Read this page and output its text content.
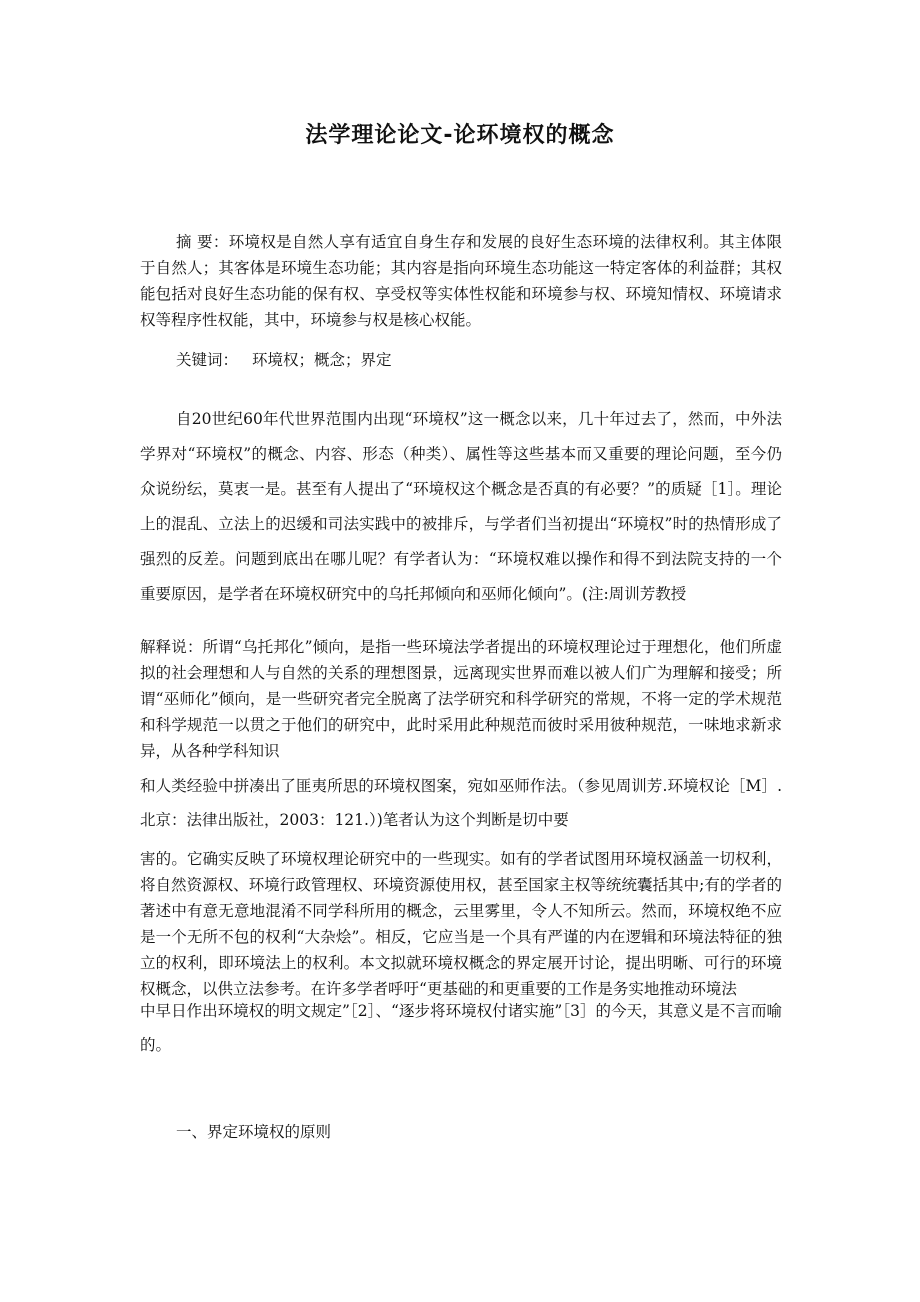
法学理论论文-论环境权的概念
摘 要：环境权是自然人享有适宜自身生存和发展的良好生态环境的法律权利。其主体限于自然人；其客体是环境生态功能；其内容是指向环境生态功能这一特定客体的利益群；其权能包括对良好生态功能的保有权、享受权等实体性权能和环境参与权、环境知情权、环境请求权等程序性权能，其中，环境参与权是核心权能。
关键词： 环境权；概念；界定
自20世纪60年代世界范围内出现“环境权”这一概念以来，几十年过去了，然而，中外法学界对“环境权”的概念、内容、形态（种类）、属性等这些基本而又重要的理论问题，至今仍众说纷纭，莫衷一是。甚至有人提出了“环境权这个概念是否真的有必要？”的质疑［1］。理论上的混乱、立法上的迟缓和司法实践中的被排斥，与学者们当初提出“环境权”时的热情形成了强烈的反差。问题到底出在哪儿呢？有学者认为：“环境权难以操作和得不到法院支持的一个重要原因，是学者在环境权研究中的乌托邦倾向和巫师化倾向”。(注:周训芳教授
解释说：所谓“乌托邦化”倾向，是指一些环境法学者提出的环境权理论过于理想化，他们所虚拟的社会理想和人与自然的关系的理想图景，远离现实世界而难以被人们广为理解和接受；所谓“巫师化”倾向，是一些研究者完全脱离了法学研究和科学研究的常规，不将一定的学术规范和科学规范一以贯之于他们的研究中，此时采用此种规范而彼时采用彼种规范，一味地求新求异，从各种学科知识
和人类经验中拼凑出了匪夷所思的环境权图案，宛如巫师作法。（参见周训芳.环境权论［M］.北京：法律出版社，2003：121.）)笔者认为这个判断是切中要
害的。它确实反映了环境权理论研究中的一些现实。如有的学者试图用环境权涵盖一切权利，将自然资源权、环境行政管理权、环境资源使用权，甚至国家主权等统统囊括其中;有的学者的著述中有意无意地混淆不同学科所用的概念，云里雾里，令人不知所云。然而，环境权绝不应是一个无所不包的权利“大杂烩”。相反，它应当是一个具有严谨的内在逻辑和环境法特征的独立的权利，即环境法上的权利。本文拟就环境权概念的界定展开讨论，提出明晰、可行的环境权概念，以供立法参考。在许多学者呼吁“更基础的和更重要的工作是务实地推动环境法
中早日作出环境权的明文规定”［2］、“逐步将环境权付诸实施”［3］的今天，其意义是不言而喻的。
一、界定环境权的原则
